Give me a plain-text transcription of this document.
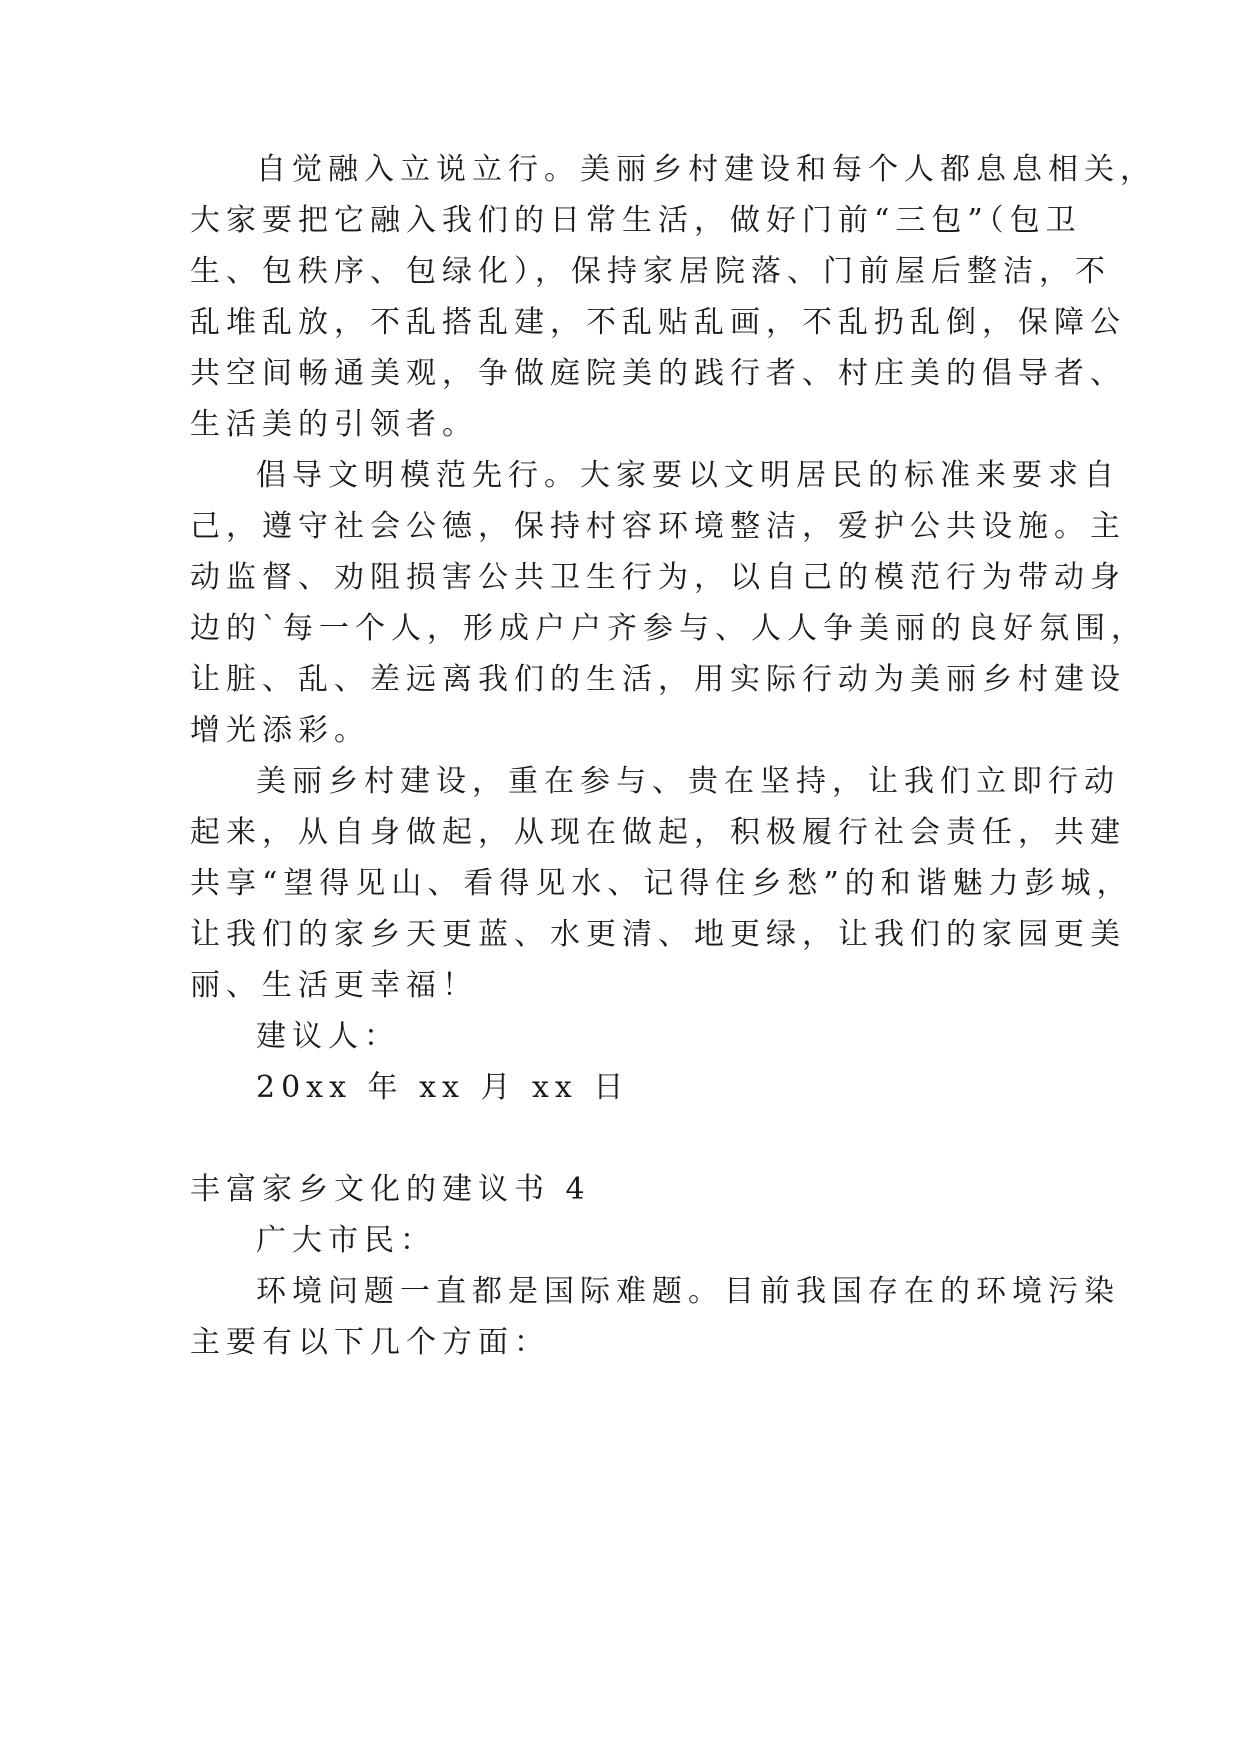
自觉融入立说立行。美丽乡村建设和每个人都息息相关，
大家要把它融入我们的日常生活，做好门前“三包”（包卫
生、包秩序、包绿化），保持家居院落、门前屋后整洁，不
乱堆乱放，不乱搭乱建，不乱贴乱画，不乱扔乱倒，保障公
共空间畅通美观，争做庭院美的践行者、村庄美的倡导者、
生活美的引领者。
倡导文明模范先行。大家要以文明居民的标准来要求自
己，遵守社会公德，保持村容环境整洁，爱护公共设施。主
动监督、劝阻损害公共卫生行为，以自己的模范行为带动身
边的`每一个人，形成户户齐参与、人人争美丽的良好氛围，
让脏、乱、差远离我们的生活，用实际行动为美丽乡村建设
增光添彩。
美丽乡村建设，重在参与、贵在坚持，让我们立即行动
起来，从自身做起，从现在做起，积极履行社会责任，共建
共享“望得见山、看得见水、记得住乡愁”的和谐魅力彭城，
让我们的家乡天更蓝、水更清、地更绿，让我们的家园更美
丽、生活更幸福！
建议人：
20xx 年 xx 月 xx 日
丰富家乡文化的建议书 4
广大市民：
环境问题一直都是国际难题。目前我国存在的环境污染
主要有以下几个方面：
